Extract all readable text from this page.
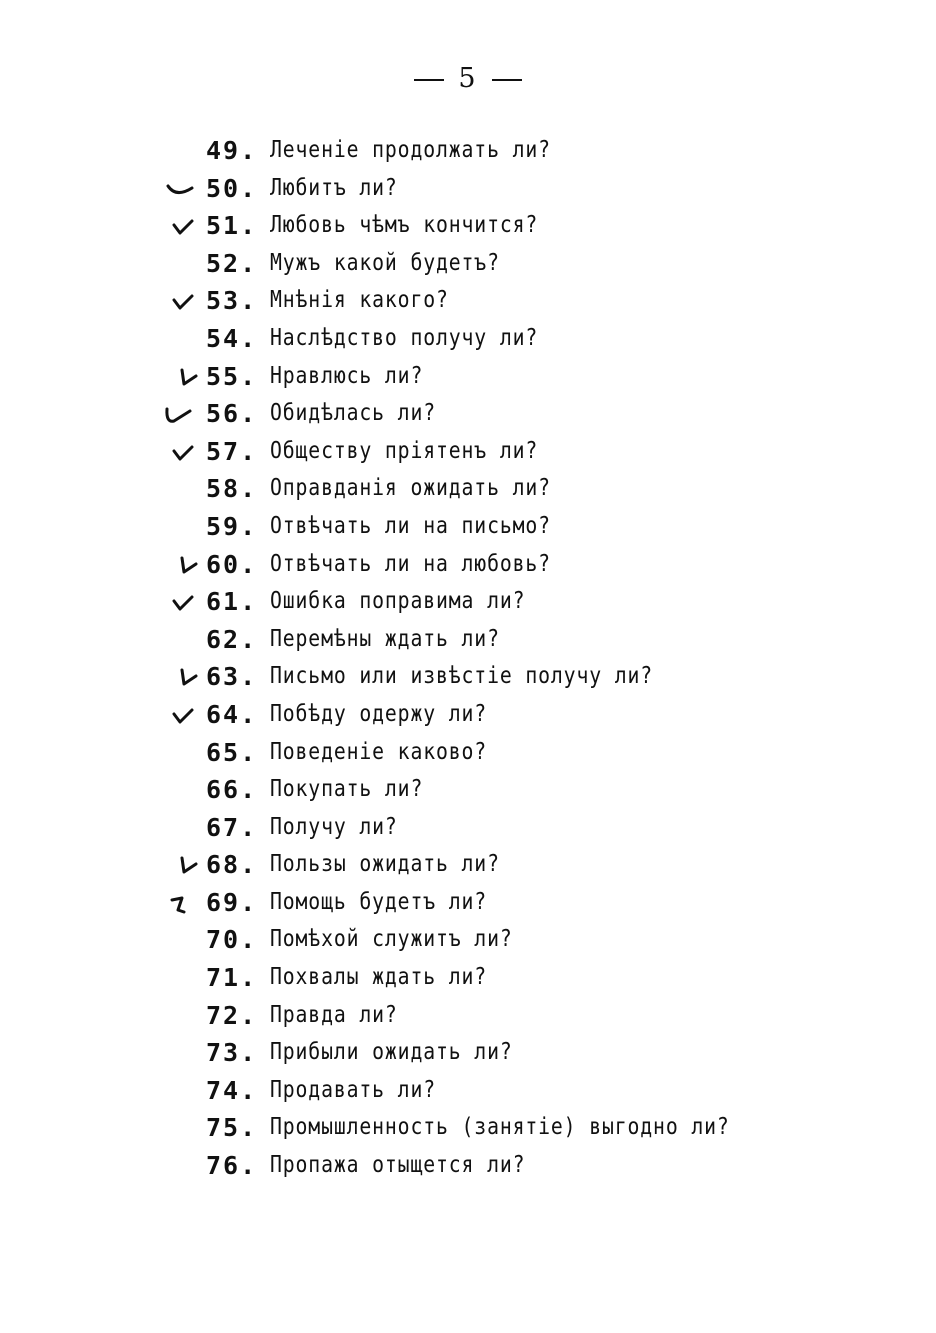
5
49. Леченіе продолжать ли?
50. Любитъ ли?
51. Любовь чѣмъ кончится?
52. Мужъ какой будетъ?
53. Мнѣнія какого?
54. Наслѣдство получу ли?
55. Нравлюсь ли?
56. Обидѣлась ли?
57. Обществу пріятенъ ли?
58. Оправданія ожидать ли?
59. Отвѣчать ли на письмо?
60. Отвѣчать ли на любовь?
61. Ошибка поправима ли?
62. Перемѣны ждать ли?
63. Письмо или извѣстіе получу ли?
64. Побѣду одержу ли?
65. Поведеніе каково?
66. Покупать ли?
67. Получу ли?
68. Пользы ожидать ли?
69. Помощь будетъ ли?
70. Помѣхой служитъ ли?
71. Похвалы ждать ли?
72. Правда ли?
73. Прибыли ожидать ли?
74. Продавать ли?
75. Промышленность (занятіе) выгодно ли?
76. Пропажа отыщется ли?
